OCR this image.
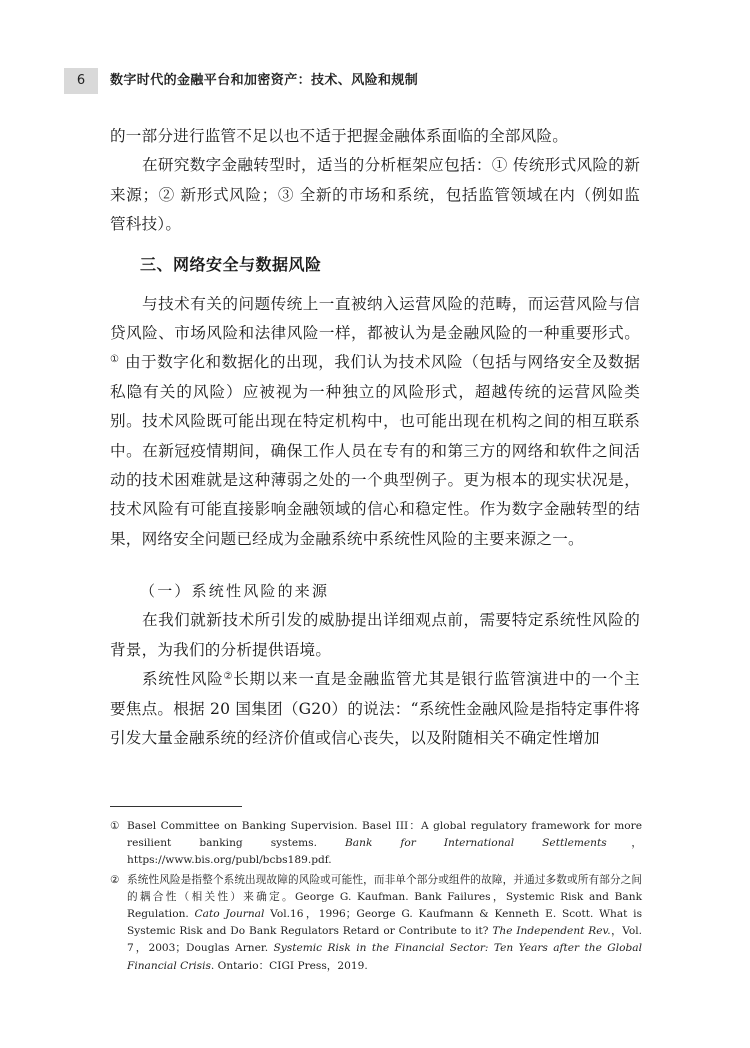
6	数字时代的金融平台和加密资产：技术、风险和规制

的一部分进行监管不足以也不适于把握金融体系面临的全部风险。

在研究数字金融转型时，适当的分析框架应包括：① 传统形式风险的新来源；② 新形式风险；③ 全新的市场和系统，包括监管领域在内（例如监管科技）。

三、网络安全与数据风险

与技术有关的问题传统上一直被纳入运营风险的范畴，而运营风险与信贷风险、市场风险和法律风险一样，都被认为是金融风险的一种重要形式。① 由于数字化和数据化的出现，我们认为技术风险（包括与网络安全及数据私隐有关的风险）应被视为一种独立的风险形式，超越传统的运营风险类别。技术风险既可能出现在特定机构中，也可能出现在机构之间的相互联系中。在新冠疫情期间，确保工作人员在专有的和第三方的网络和软件之间活动的技术困难就是这种薄弱之处的一个典型例子。更为根本的现实状况是，技术风险有可能直接影响金融领域的信心和稳定性。作为数字金融转型的结果，网络安全问题已经成为金融系统中系统性风险的主要来源之一。

（一）系统性风险的来源

在我们就新技术所引发的威胁提出详细观点前，需要特定系统性风险的背景，为我们的分析提供语境。

系统性风险②长期以来一直是金融监管尤其是银行监管演进中的一个主要焦点。根据 20 国集团（G20）的说法：“系统性金融风险是指特定事件将引发大量金融系统的经济价值或信心丧失，以及附随相关不确定性增加

① Basel Committee on Banking Supervision. Basel III：A global regulatory framework for more resilient banking systems. Bank for International Settlements，https://www.bis.org/publ/bcbs189.pdf.
② 系统性风险是指整个系统出现故障的风险或可能性，而非单个部分或组件的故障，并通过多数或所有部分之间的耦合性（相关性）来确定。George G. Kaufman. Bank Failures，Systemic Risk and Bank Regulation. Cato Journal Vol.16，1996；George G. Kaufmann & Kenneth E. Scott. What is Systemic Risk and Do Bank Regulators Retard or Contribute to it? The Independent Rev.，Vol. 7，2003；Douglas Arner. Systemic Risk in the Financial Sector: Ten Years after the Global Financial Crisis. Ontario：CIGI Press，2019.
